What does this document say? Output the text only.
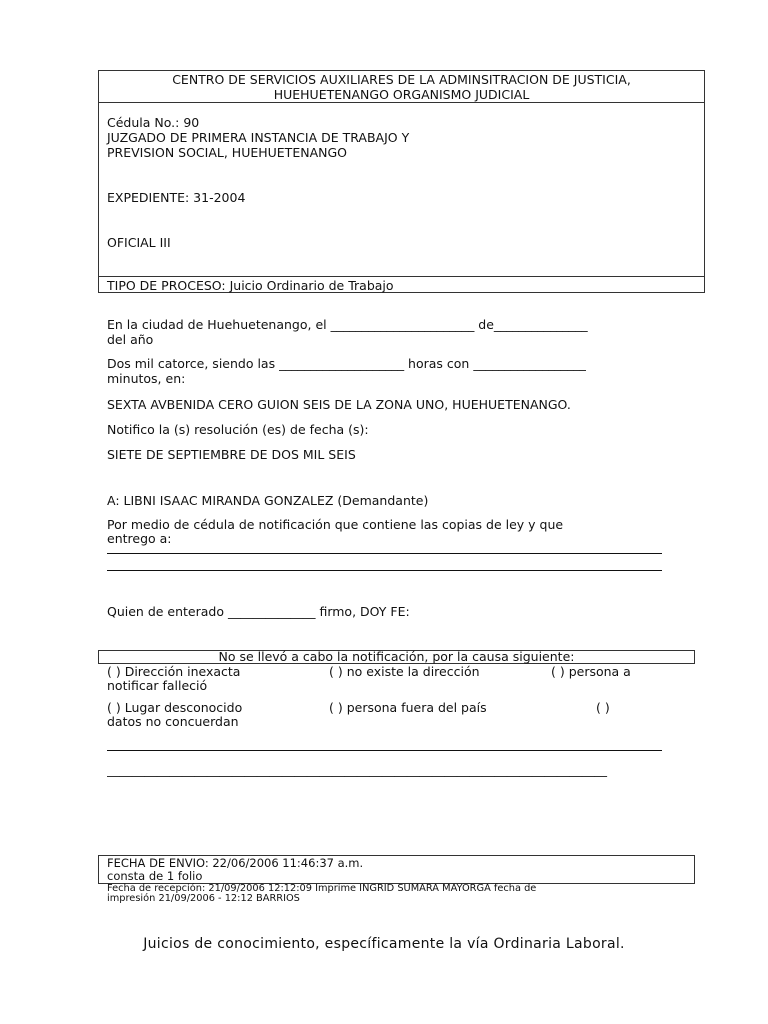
CENTRO DE SERVICIOS AUXILIARES DE LA ADMINSITRACION DE JUSTICIA,
HUEHUETENANGO ORGANISMO JUDICIAL
Cédula No.: 90
JUZGADO DE PRIMERA INSTANCIA DE TRABAJO Y
PREVISION SOCIAL, HUEHUETENANGO
EXPEDIENTE: 31-2004
OFICIAL III
TIPO DE PROCESO: Juicio Ordinario de Trabajo
En la ciudad de Huehuetenango, el _______________________ de_______________
del año
Dos mil catorce, siendo las ____________________ horas con __________________
minutos, en:
SEXTA AVBENIDA CERO GUION SEIS DE LA ZONA UNO, HUEHUETENANGO.
Notifico la (s) resolución (es) de fecha (s):
SIETE DE SEPTIEMBRE DE DOS MIL SEIS
A: LIBNI ISAAC MIRANDA GONZALEZ (Demandante)
Por medio de cédula de notificación que contiene las copias de ley y que
entrego a:
Quien de enterado ______________ firmo, DOY FE:
No se llevó a cabo la notificación, por la causa siguiente:
( ) Dirección inexacta	( ) no existe la dirección	( ) persona a
notificar falleció
( ) Lugar desconocido	( ) persona fuera del país	( )
datos no concuerdan
________________________________________________________________________________
FECHA DE ENVIO: 22/06/2006 11:46:37 a.m.
consta de 1 folio
Fecha de recepción: 21/09/2006 12:12:09 Imprime INGRID SUMARA MAYORGA fecha de
impresión 21/09/2006 - 12:12 BARRIOS
Juicios de conocimiento, específicamente la vía Ordinaria Laboral.
